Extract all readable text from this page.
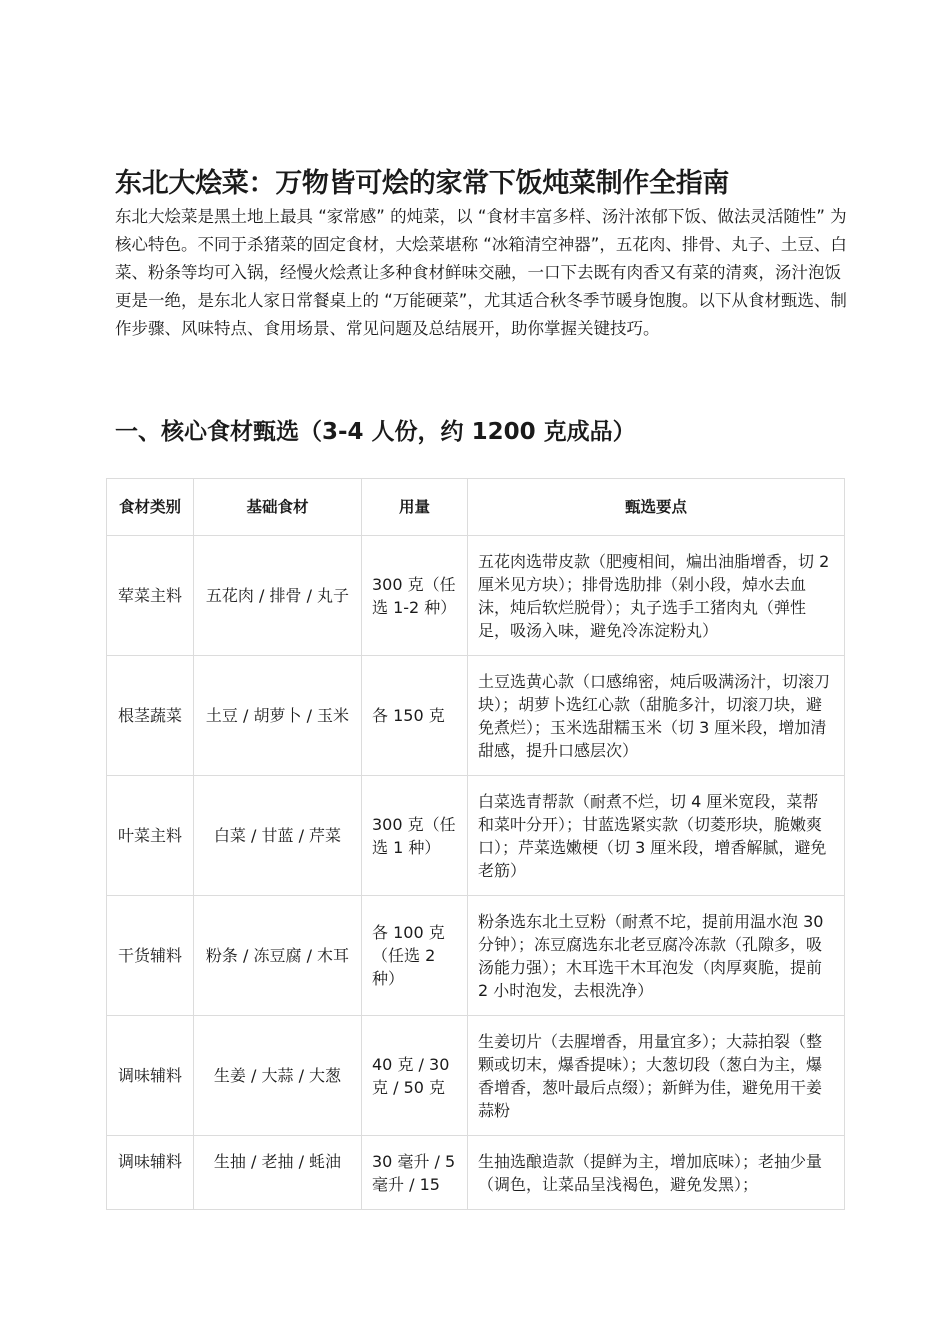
东北大烩菜：万物皆可烩的家常下饭炖菜制作全指南

东北大烩菜是黑土地上最具 “家常感” 的炖菜，以 “食材丰富多样、汤汁浓郁下饭、做法灵活随性” 为核心特色。不同于杀猪菜的固定食材，大烩菜堪称 “冰箱清空神器”，五花肉、排骨、丸子、土豆、白菜、粉条等均可入锅，经慢火烩煮让多种食材鲜味交融，一口下去既有肉香又有菜的清爽，汤汁泡饭更是一绝，是东北人家日常餐桌上的 “万能硬菜”，尤其适合秋冬季节暖身饱腹。以下从食材甄选、制作步骤、风味特点、食用场景、常见问题及总结展开，助你掌握关键技巧。

一、核心食材甄选（3-4 人份，约 1200 克成品）
食材类别	基础食材	用量	甄选要点
荤菜主料	五花肉 / 排骨 / 丸子	300 克（任选 1-2 种）	五花肉选带皮款（肥瘦相间，煸出油脂增香，切 2 厘米见方块）；排骨选肋排（剁小段，焯水去血沫，炖后软烂脱骨）；丸子选手工猪肉丸（弹性足，吸汤入味，避免冷冻淀粉丸）
根茎蔬菜	土豆 / 胡萝卜 / 玉米	各 150 克	土豆选黄心款（口感绵密，炖后吸满汤汁，切滚刀块）；胡萝卜选红心款（甜脆多汁，切滚刀块，避免煮烂）；玉米选甜糯玉米（切 3 厘米段，增加清甜感，提升口感层次）
叶菜主料	白菜 / 甘蓝 / 芹菜	300 克（任选 1 种）	白菜选青帮款（耐煮不烂，切 4 厘米宽段，菜帮和菜叶分开）；甘蓝选紧实款（切菱形块，脆嫩爽口）；芹菜选嫩梗（切 3 厘米段，增香解腻，避免老筋）
干货辅料	粉条 / 冻豆腐 / 木耳	各 100 克（任选 2 种）	粉条选东北土豆粉（耐煮不坨，提前用温水泡 30 分钟）；冻豆腐选东北老豆腐冷冻款（孔隙多，吸汤能力强）；木耳选干木耳泡发（肉厚爽脆，提前 2 小时泡发，去根洗净）
调味辅料	生姜 / 大蒜 / 大葱	40 克 / 30 克 / 50 克	生姜切片（去腥增香，用量宜多）；大蒜拍裂（整颗或切末，爆香提味）；大葱切段（葱白为主，爆香增香，葱叶最后点缀）；新鲜为佳，避免用干姜蒜粉
调味辅料	生抽 / 老抽 / 蚝油	30 毫升 / 5 毫升 / 15	生抽选酿造款（提鲜为主，增加底味）；老抽少量（调色，让菜品呈浅褐色，避免发黑）；
